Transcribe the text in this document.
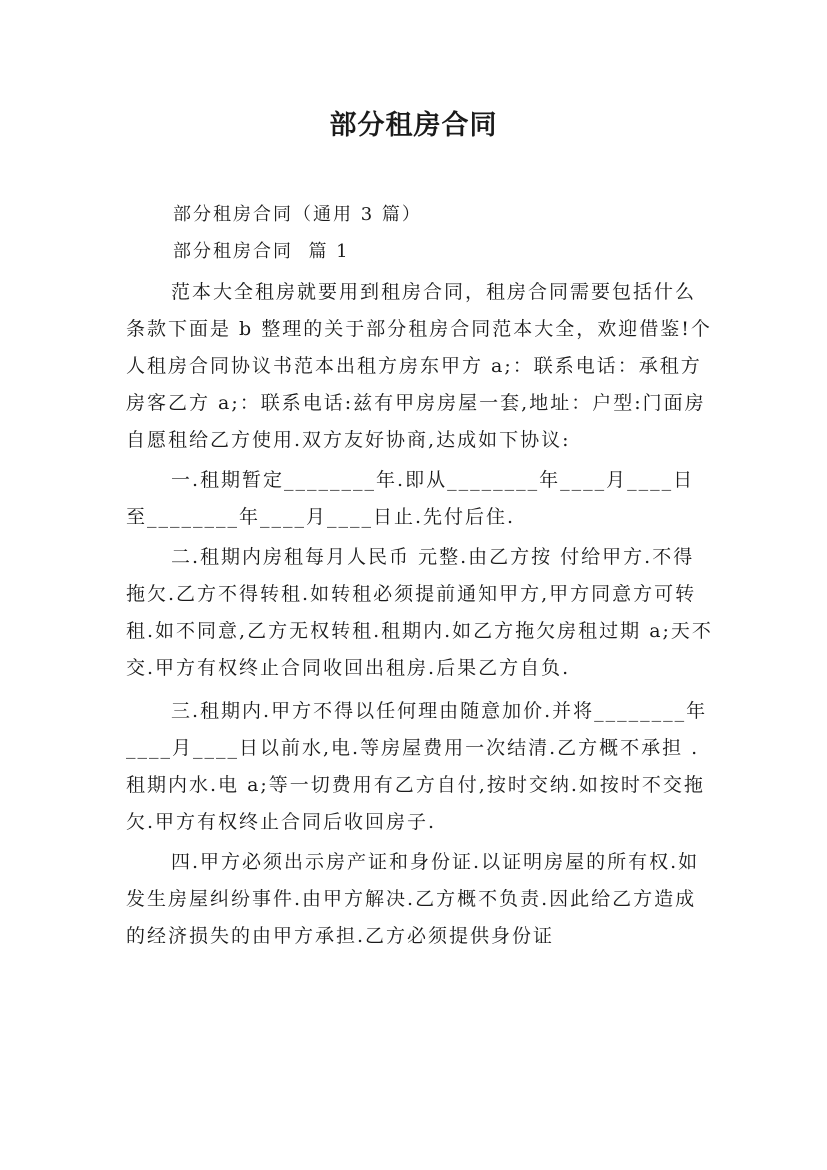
部分租房合同
部分租房合同（通用 3 篇）
部分租房合同  篇 1

范本大全租房就要用到租房合同，租房合同需要包括什么条款下面是 b 整理的关于部分租房合同范本大全，欢迎借鉴!个人租房合同协议书范本出租方房东甲方 a;：联系电话：承租方房客乙方 a;：联系电话:兹有甲房房屋一套,地址：户型:门面房自愿租给乙方使用.双方友好协商,达成如下协议:

一.租期暂定________年.即从________年____月____日至________年____月____日止.先付后住.

二.租期内房租每月人民币 元整.由乙方按 付给甲方.不得拖欠.乙方不得转租.如转租必须提前通知甲方,甲方同意方可转租.如不同意,乙方无权转租.租期内.如乙方拖欠房租过期 a;天不交.甲方有权终止合同收回出租房.后果乙方自负.

三.租期内.甲方不得以任何理由随意加价.并将________年____月____日以前水,电.等房屋费用一次结清.乙方概不承担 .租期内水.电 a;等一切费用有乙方自付,按时交纳.如按时不交拖欠.甲方有权终止合同后收回房子.

四.甲方必须出示房产证和身份证.以证明房屋的所有权.如发生房屋纠纷事件.由甲方解决.乙方概不负责.因此给乙方造成的经济损失的由甲方承担.乙方必须提供身份证
